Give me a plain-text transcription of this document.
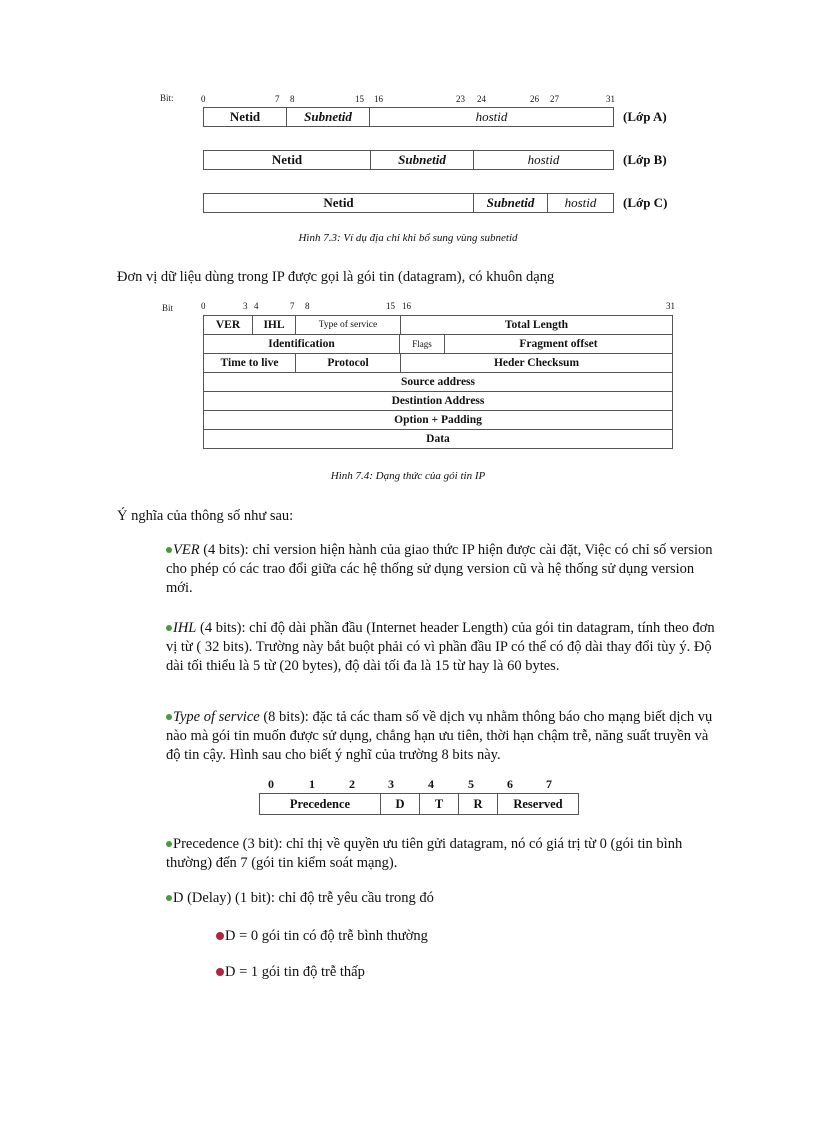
Bit:	0	7 8	15 16	23 24	26 27	31
Netid	Subnetid	hostid	(Lớp A)
Netid	Subnetid	hostid	(Lớp B)
Netid	Subnetid	hostid	(Lớp C)
Hình 7.3: Ví dụ địa chỉ khi bổ sung vùng subnetid
Đơn vị dữ liệu dùng trong IP được gọi là gói tin (datagram), có khuôn dạng
Bit	0	3 4	7 8	15 16	31
VER	IHL	Type of service	Total Length
Identification	Flags	Fragment offset
Time to live	Protocol	Heder Checksum
Source address
Destintion Address
Option + Padding
Data
Hình 7.4: Dạng thức của gói tin IP
Ý nghĩa của thông số như sau:
VER (4 bits): chỉ version hiện hành của giao thức IP hiện được cài đặt, Việc có chỉ số version cho phép có các trao đổi giữa các hệ thống sử dụng version cũ và hệ thống sử dụng version mới.
IHL (4 bits): chỉ độ dài phần đầu (Internet header Length) của gói tin datagram, tính theo đơn vị từ ( 32 bits). Trường này bắt buột phải có vì phần đầu IP có thể có độ dài thay đổi tùy ý. Độ dài tối thiểu là 5 từ (20 bytes), độ dài tối đa là 15 từ hay là 60 bytes.
Type of service (8 bits): đặc tả các tham số về dịch vụ nhằm thông báo cho mạng biết dịch vụ nào mà gói tin muốn được sử dụng, chẳng hạn ưu tiên, thời hạn chậm trễ, năng suất truyền và độ tin cậy. Hình sau cho biết ý nghĩ của trường 8 bits này.
0	1	2	3	4	5	6	7
Precedence	D	T	R	Reserved
Precedence (3 bit): chỉ thị về quyền ưu tiên gửi datagram, nó có giá trị từ 0 (gói tin bình thường) đến 7 (gói tin kiểm soát mạng).
D (Delay) (1 bit): chỉ độ trễ yêu cầu trong đó
D = 0 gói tin có độ trễ bình thường
D = 1 gói tin độ trễ thấp
